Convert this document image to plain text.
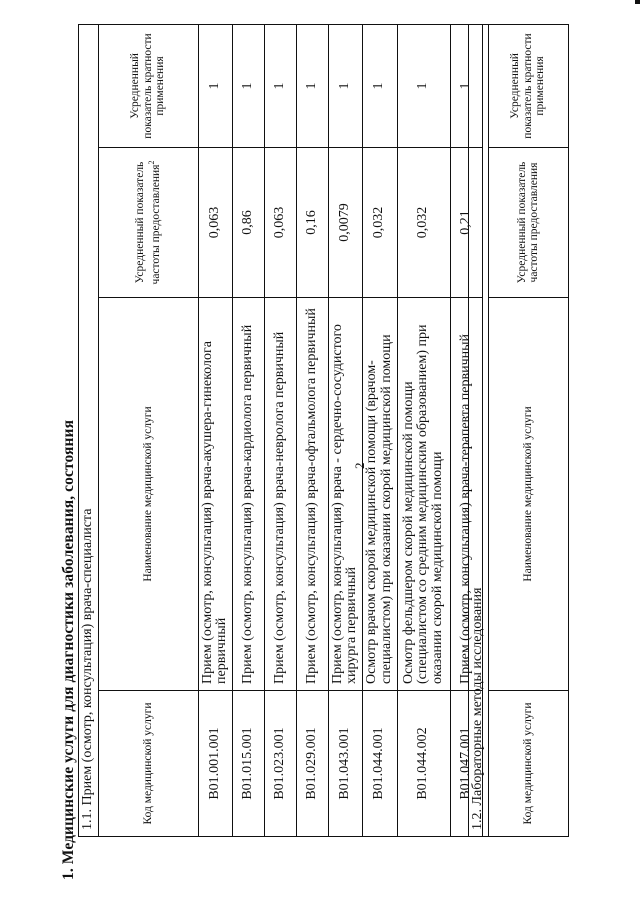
2
1. Медицинские услуги для диагностики заболевания, состояния 1.1. Прием (осмотр, консультация) врача-специалиста			
Код медицинской услуги	Наименование медицинской услуги	Усредненный показатель частоты предоставления$^2$	Усредненный показатель кратности применения
B01.001.001	Прием (осмотр, консультация) врача-акушера-гинеколога первичный	0,063	1
B01.015.001	Прием (осмотр, консультация) врача-кардиолога первичный	0,86	1
B01.023.001	Прием (осмотр, консультация) врача-невролога первичный	0,063	1
B01.029.001	Прием (осмотр, консультация) врача-офтальмолога первичный	0,16	1
B01.043.001	Прием (осмотр, консультация) врача - сердечно-сосудистого хирурга первичный	0,0079	1
B01.044.001	Осмотр врачом скорой медицинской помощи (врачом-специалистом) при оказании скорой медицинской помощи	0,032	1
B01.044.002	Осмотр фельдшером скорой медицинской помощи (специалистом со средним медицинским образованием) при оказании скорой медицинской помощи	0,032	1
B01.047.001	Прием (осмотр, консультация) врача-терапевта первичный	0,21	1
1.2. Лабораторные методы исследования
Код медицинской услуги	Наименование медицинской услуги	Усредненный показатель частоты предоставления	Усредненный показатель кратности применения
